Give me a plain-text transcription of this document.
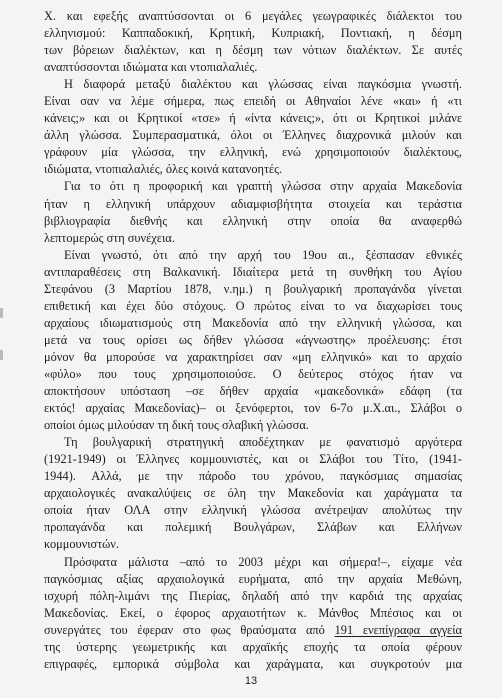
Χ. και εφεξής αναπτύσσονται οι 6 μεγάλες γεωγραφικές διάλεκτοι του
ελληνισμού: Καππαδοκική, Κρητική, Κυπριακή, Ποντιακή, η δέσμη
των βόρειων διαλέκτων, και η δέσμη των νότιων διαλέκτων. Σε αυτές
αναπτύσσονται ιδιώματα και ντοπιαλαλιές.
Η διαφορά μεταξύ διαλέκτου και γλώσσας είναι παγκόσμια γνωστή.
Είναι σαν να λέμε σήμερα, πως επειδή οι Αθηναίοι λένε «και» ή «τι
κάνεις;» και οι Κρητικοί «τσε» ή «ίντα κάνεις;», ότι οι Κρητικοί μιλάνε
άλλη γλώσσα. Συμπερασματικά, όλοι οι Έλληνες διαχρονικά μιλούν και
γράφουν μία γλώσσα, την ελληνική, ενώ χρησιμοποιούν διαλέκτους,
ιδιώματα, ντοπιαλαλιές, όλες κοινά κατανοητές.
Για το ότι η προφορική και γραπτή γλώσσα στην αρχαία Μακεδονία
ήταν η ελληνική υπάρχουν αδιαμφισβήτητα στοιχεία και τεράστια
βιβλιογραφία διεθνής και ελληνική στην οποία θα αναφερθώ
λεπτομερώς στη συνέχεια.
Είναι γνωστό, ότι από την αρχή του 19ου αι., ξέσπασαν εθνικές
αντιπαραθέσεις στη Βαλκανική. Ιδιαίτερα μετά τη συνθήκη του Αγίου
Στεφάνου (3 Μαρτίου 1878, ν.ημ.) η βουλγαρική προπαγάνδα γίνεται
επιθετική και έχει δύο στόχους. Ο πρώτος είναι το να διαχωρίσει τους
αρχαίους ιδιωματισμούς στη Μακεδονία από την ελληνική γλώσσα, και
μετά να τους ορίσει ως δήθεν γλώσσα «άγνωστης» προέλευσης: έτσι
μόνον θα μπορούσε να χαρακτηρίσει σαν «μη ελληνικό» και το αρχαίο
«φύλο» που τους χρησιμοποιούσε. Ο δεύτερος στόχος ήταν να
αποκτήσουν υπόσταση –σε δήθεν αρχαία «μακεδονικά» εδάφη (τα
εκτός! αρχαίας Μακεδονίας)– οι ξενόφερτοι, τον 6-7ο μ.Χ.αι., Σλάβοι ο
οποίοι όμως μιλούσαν τη δική τους σλαβική γλώσσα.
Τη βουλγαρική στρατηγική αποδέχτηκαν με φανατισμό αργότερα
(1921-1949) οι Έλληνες κομμουνιστές, και οι Σλάβοι του Τίτο, (1941-
1944). Αλλά, με την πάροδο του χρόνου, παγκόσμιας σημασίας
αρχαιολογικές ανακαλύψεις σε όλη την Μακεδονία και χαράγματα τα
οποία ήταν ΟΛΑ στην ελληνική γλώσσα ανέτρεψαν απολύτως την
προπαγάνδα και πολεμική Βουλγάρων, Σλάβων και Ελλήνων
κομμουνιστών.
Πρόσφατα μάλιστα –από το 2003 μέχρι και σήμερα!–, είχαμε νέα
παγκόσμιας αξίας αρχαιολογικά ευρήματα, από την αρχαία Μεθώνη,
ισχυρή πόλη-λιμάνι της Πιερίας, δηλαδή από την καρδιά της αρχαίας
Μακεδονίας. Εκεί, ο έφορος αρχαιοτήτων κ. Μάνθος Μπέσιος και οι
συνεργάτες του έφεραν στο φως θραύσματα από 191 ενεπίγραφα αγγεία
της ύστερης γεωμετρικής και αρχαϊκής εποχής τα οποία φέρουν
επιγραφές, εμπορικά σύμβολα και χαράγματα, και συγκροτούν μια
13
